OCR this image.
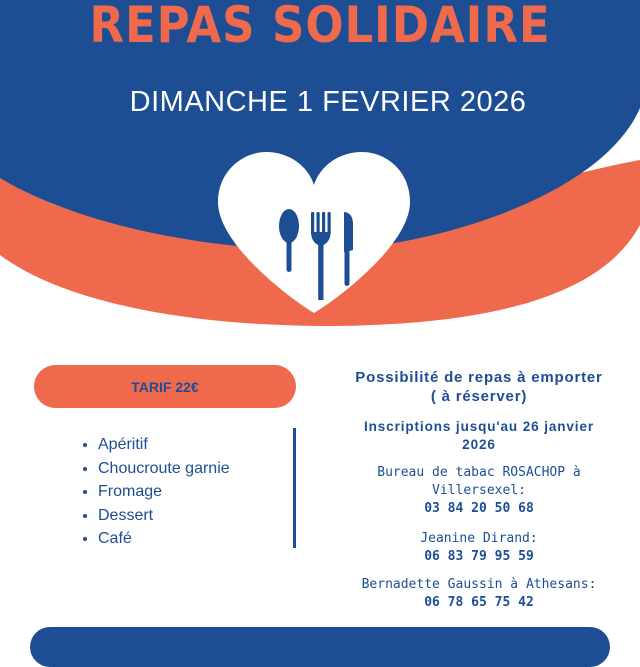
REPAS SOLIDAIRE
DIMANCHE 1 FEVRIER 2026
TARIF 22€
• Apéritif
• Choucroute garnie
• Fromage
• Dessert
• Café
Possibilité de repas à emporter
( à réserver)
Inscriptions jusqu'au 26 janvier
2026
Bureau de tabac ROSACHOP à
Villersexel:
03 84 20 50 68
Jeanine Dirand:
06 83 79 95 59
Bernadette Gaussin à Athesans:
06 78 65 75 42
